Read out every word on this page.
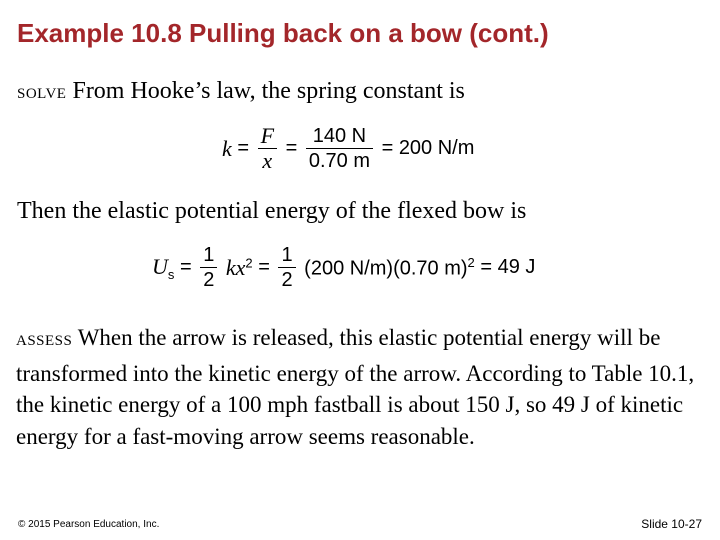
Example 10.8 Pulling back on a bow (cont.)
SOLVE From Hooke’s law, the spring constant is
$k = \frac{F}{x} = \frac{140 N}{0.70 m} = 200$ N/m
Then the elastic potential energy of the flexed bow is
$U_s = \frac{1}{2} kx^2 = \frac{1}{2} (200$ N/m)(0.70 m)$^2$ = 49 J
ASSESS When the arrow is released, this elastic potential energy will be transformed into the kinetic energy of the arrow. According to Table 10.1, the kinetic energy of a 100 mph fastball is about 150 J, so 49 J of kinetic energy for a fast-moving arrow seems reasonable.
© 2015 Pearson Education, Inc.	Slide 10-27
